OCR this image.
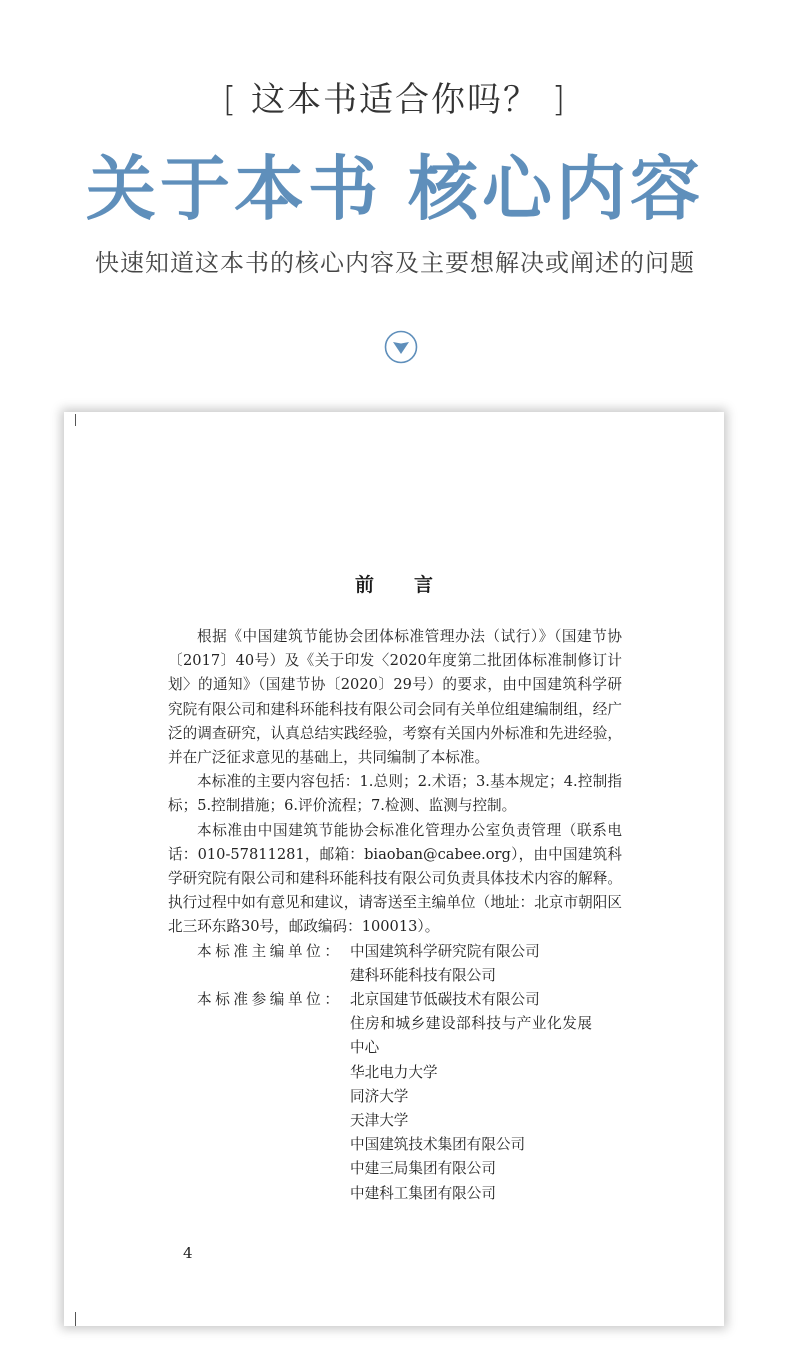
[ 这本书适合你吗？ ]
关于本书 核心内容
快速知道这本书的核心内容及主要想解决或阐述的问题
前言

根据《中国建筑节能协会团体标准管理办法（试行）》（国建节协〔2017〕40号）及《关于印发〈2020年度第二批团体标准制修订计划〉的通知》（国建节协〔2020〕29号）的要求，由中国建筑科学研究院有限公司和建科环能科技有限公司会同有关单位组建编制组，经广泛的调查研究，认真总结实践经验，考察有关国内外标准和先进经验，并在广泛征求意见的基础上，共同编制了本标准。

本标准的主要内容包括：1.总则；2.术语；3.基本规定；4.控制指标；5.控制措施；6.评价流程；7.检测、监测与控制。

本标准由中国建筑节能协会标准化管理办公室负责管理（联系电话：010-57811281，邮箱：biaoban@cabee.org），由中国建筑科学研究院有限公司和建科环能科技有限公司负责具体技术内容的解释。执行过程中如有意见和建议，请寄送至主编单位（地址：北京市朝阳区北三环东路30号，邮政编码：100013）。

本标准主编单位： 中国建筑科学研究院有限公司
建科环能科技有限公司
本标准参编单位： 北京国建节低碳技术有限公司
住房和城乡建设部科技与产业化发展中心
华北电力大学
同济大学
天津大学
中国建筑技术集团有限公司
中建三局集团有限公司
中建科工集团有限公司
4
